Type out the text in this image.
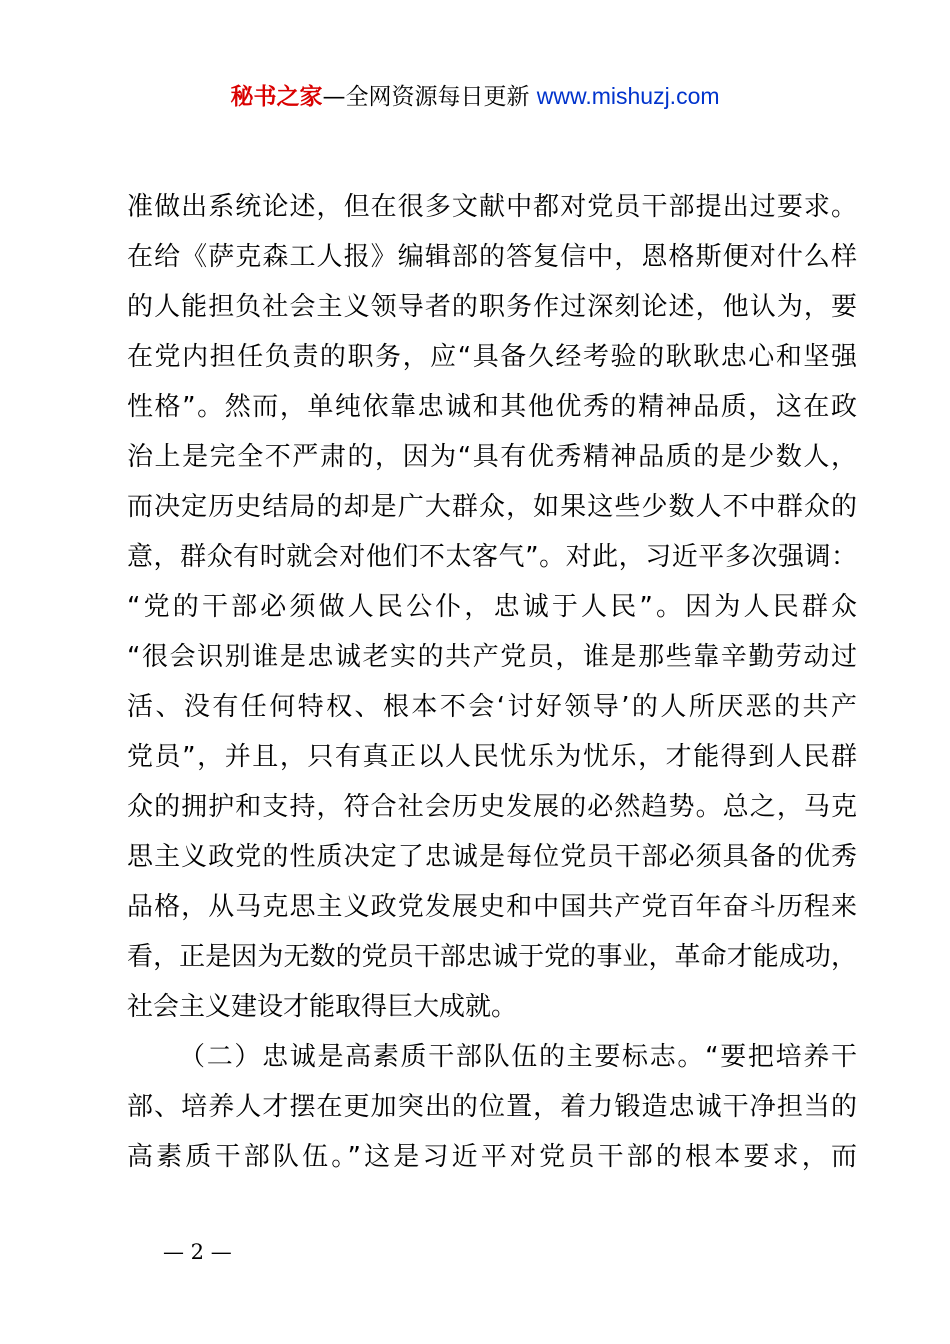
秘书之家—全网资源每日更新 www.mishuzj.com
准做出系统论述，但在很多文献中都对党员干部提出过要求。
在给《萨克森工人报》编辑部的答复信中，恩格斯便对什么样
的人能担负社会主义领导者的职务作过深刻论述，他认为，要
在党内担任负责的职务，应“具备久经考验的耿耿忠心和坚强
性格”。然而，单纯依靠忠诚和其他优秀的精神品质，这在政
治上是完全不严肃的，因为“具有优秀精神品质的是少数人，
而决定历史结局的却是广大群众，如果这些少数人不中群众的
意，群众有时就会对他们不太客气”。对此，习近平多次强调：
“党的干部必须做人民公仆，忠诚于人民”。因为人民群众
“很会识别谁是忠诚老实的共产党员，谁是那些靠辛勤劳动过
活、没有任何特权、根本不会‘讨好领导’的人所厌恶的共产
党员”，并且，只有真正以人民忧乐为忧乐，才能得到人民群
众的拥护和支持，符合社会历史发展的必然趋势。总之，马克
思主义政党的性质决定了忠诚是每位党员干部必须具备的优秀
品格，从马克思主义政党发展史和中国共产党百年奋斗历程来
看，正是因为无数的党员干部忠诚于党的事业，革命才能成功，
社会主义建设才能取得巨大成就。
（二）忠诚是高素质干部队伍的主要标志。“要把培养干
部、培养人才摆在更加突出的位置，着力锻造忠诚干净担当的
高素质干部队伍。”这是习近平对党员干部的根本要求，而
— 2 —
